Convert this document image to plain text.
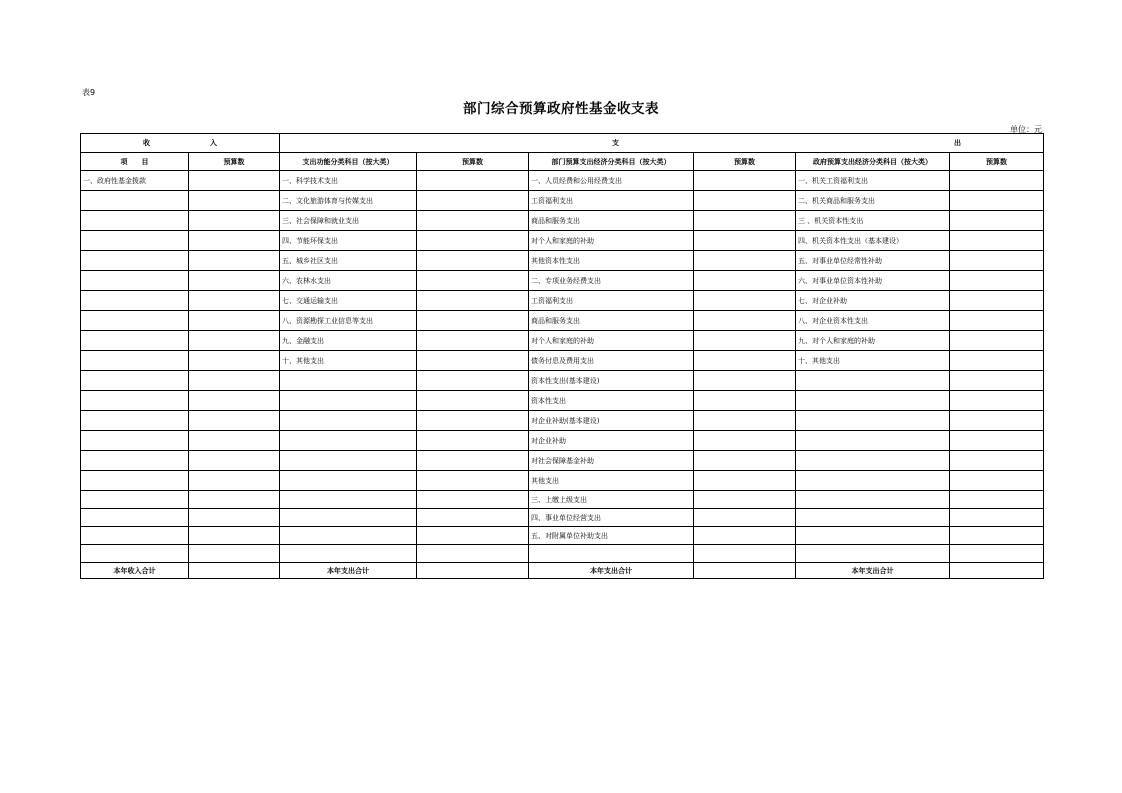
表9
部门综合预算政府性基金收支表
单位：元
收 入		支 出					

项　　目	预算数	支出功能分类科目（按大类）	预算数	部门预算支出经济分类科目（按大类）	预算数	政府预算支出经济分类科目（按大类）	预算数
一、政府性基金拨款		一、科学技术支出		一、人员经费和公用经费支出		一、机关工资福利支出	
		二、文化旅游体育与传媒支出		工资福利支出		二、机关商品和服务支出	
		三、社会保障和就业支出		商品和服务支出		三 、机关资本性支出	
		四、节能环保支出		对个人和家庭的补助		四、机关资本性支出（基本建设）	
		五、城乡社区支出		其他资本性支出		五、对事业单位经常性补助	
		六、农林水支出		二、专项业务经费支出		六、对事业单位资本性补助	
		七、交通运输支出		工资福利支出		七、对企业补助	
		八、资源勘探工业信息等支出		商品和服务支出		八、对企业资本性支出	
		九、金融支出		对个人和家庭的补助		九、对个人和家庭的补助	
		十、其他支出		债务付息及费用支出		十、其他支出	
				资本性支出(基本建设)			
				资本性支出			
				对企业补助(基本建设)			
				对企业补助			
				对社会保障基金补助			
				其他支出			
				三、上缴上级支出			
				四、事业单位经营支出			
				五、对附属单位补助支出			

本年收入合计		本年支出合计		本年支出合计		本年支出合计	
